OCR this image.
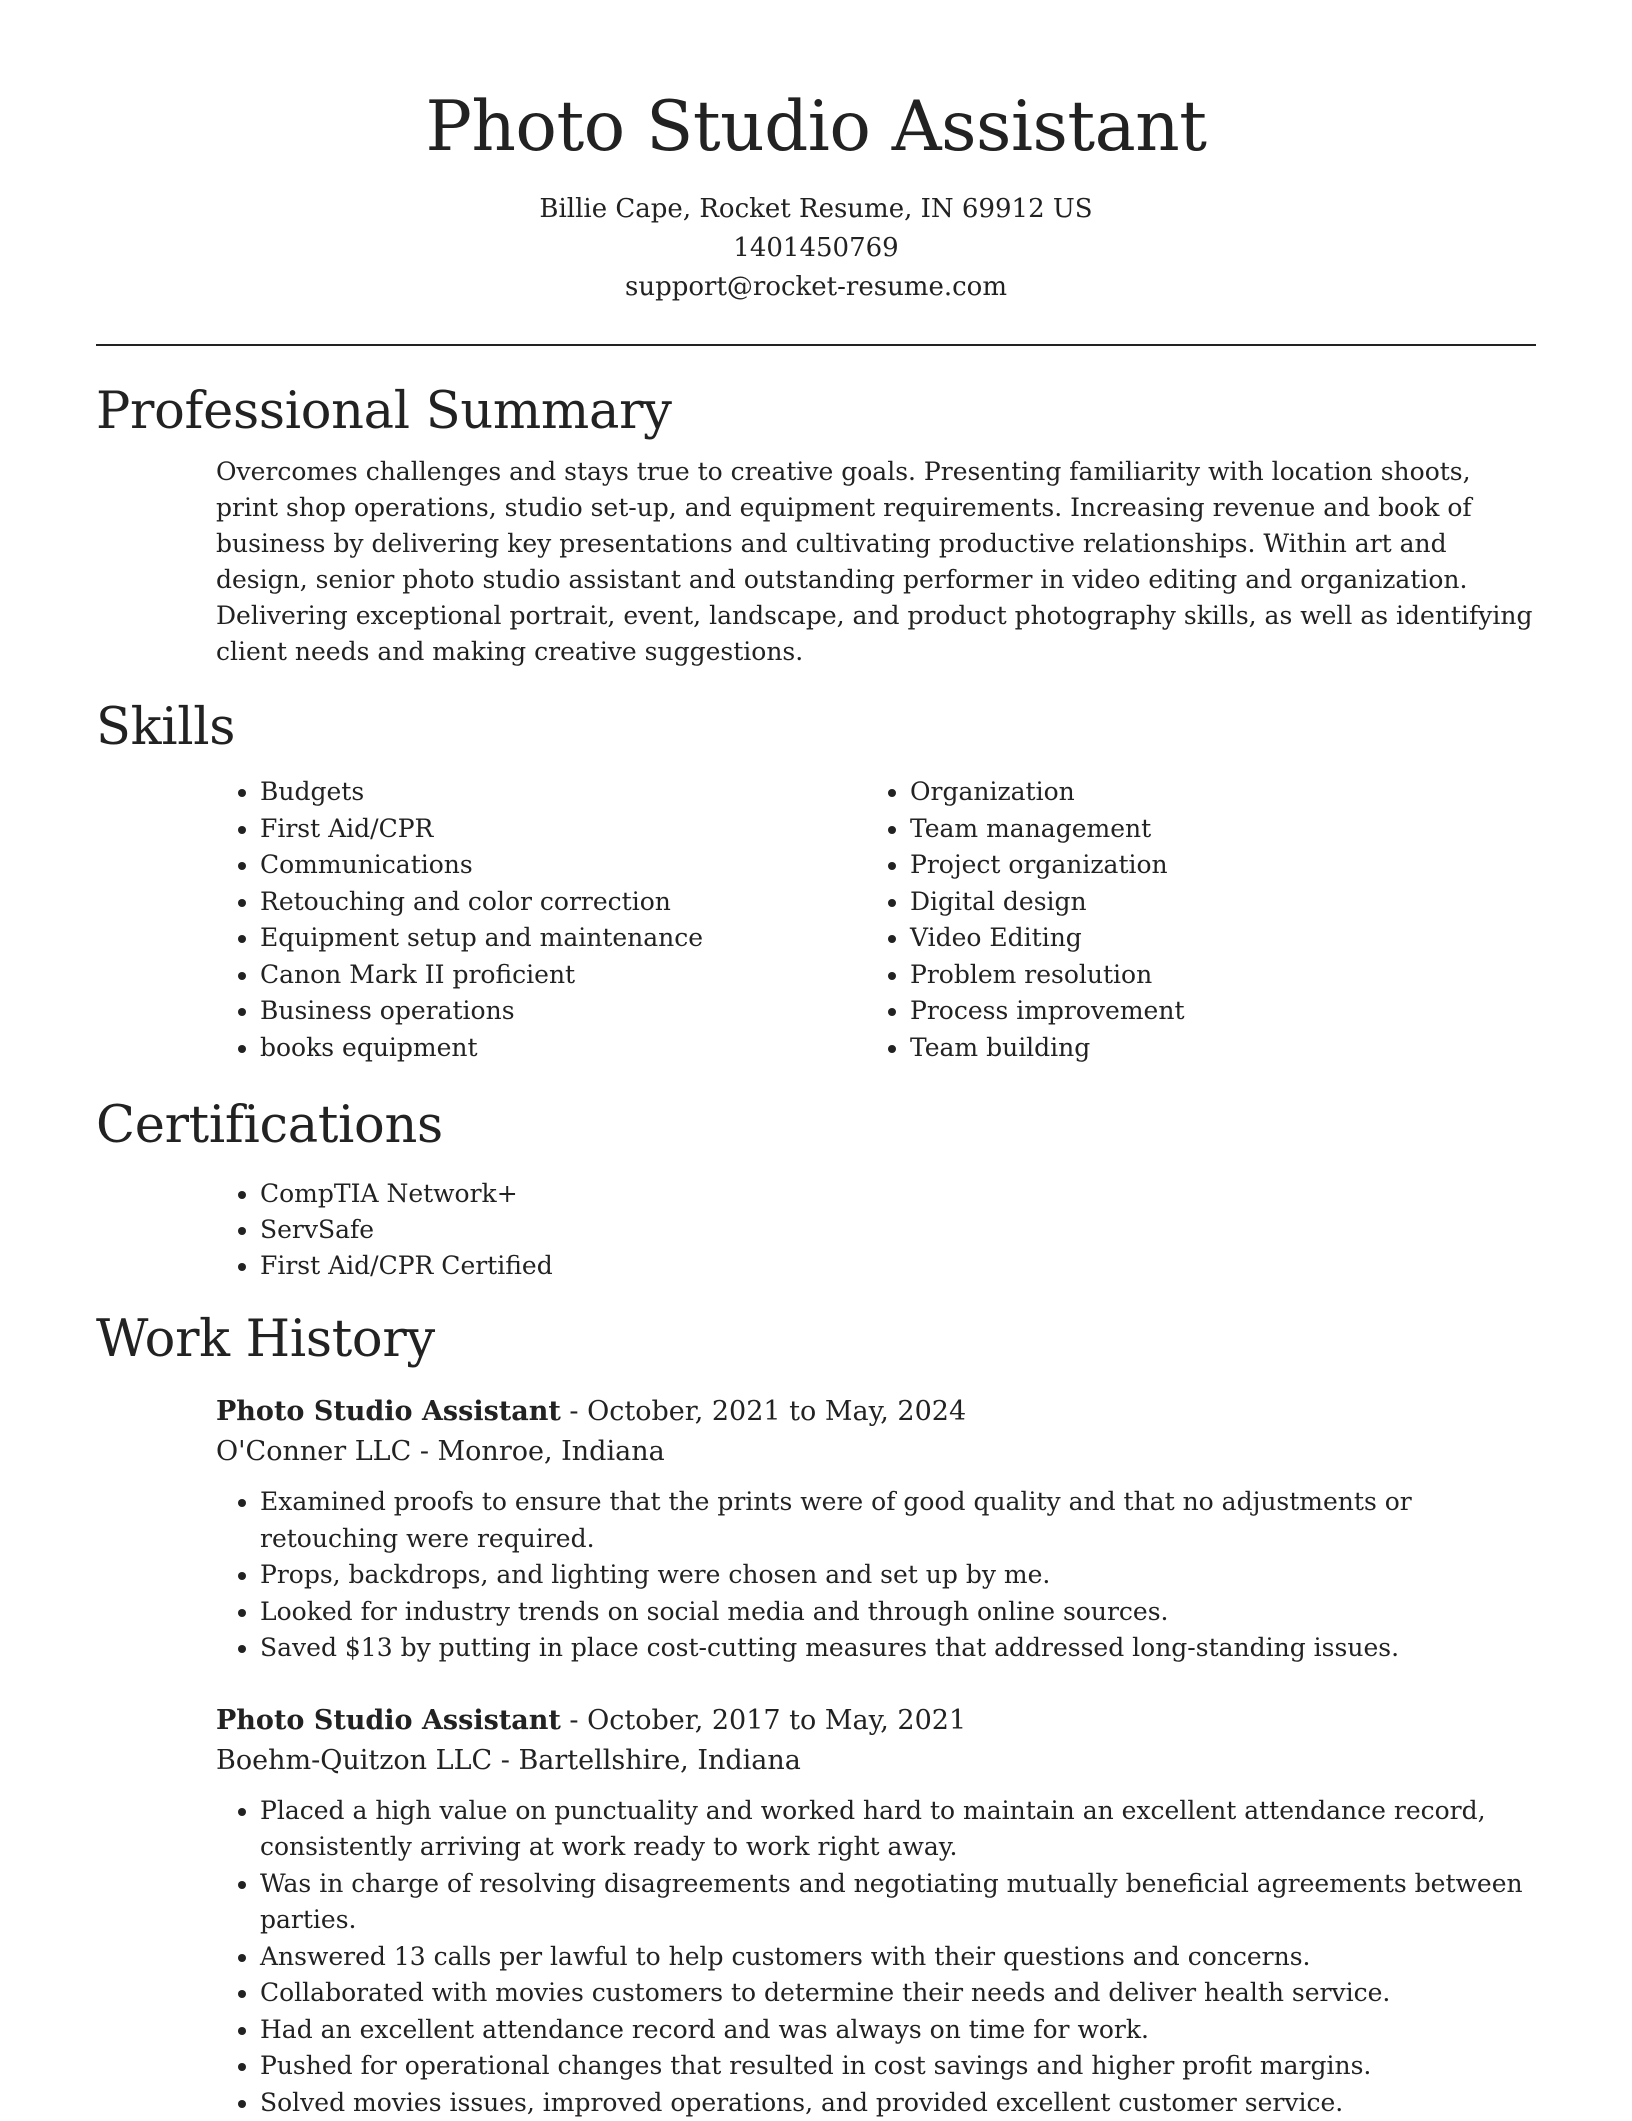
Photo Studio Assistant
Billie Cape, Rocket Resume, IN 69912 US
1401450769
support@rocket-resume.com
Professional Summary

Overcomes challenges and stays true to creative goals. Presenting familiarity with location shoots, print shop operations, studio set-up, and equipment requirements. Increasing revenue and book of business by delivering key presentations and cultivating productive relationships. Within art and design, senior photo studio assistant and outstanding performer in video editing and organization. Delivering exceptional portrait, event, landscape, and product photography skills, as well as identifying client needs and making creative suggestions.

Skills
• Budgets
• First Aid/CPR
• Communications
• Retouching and color correction
• Equipment setup and maintenance
• Canon Mark II proficient
• Business operations
• books equipment
• Organization
• Team management
• Project organization
• Digital design
• Video Editing
• Problem resolution
• Process improvement
• Team building
Certifications
• CompTIA Network+
• ServSafe
• First Aid/CPR Certified
Work History
Photo Studio Assistant - October, 2021 to May, 2024
O'Conner LLC - Monroe, Indiana
• Examined proofs to ensure that the prints were of good quality and that no adjustments or retouching were required.
• Props, backdrops, and lighting were chosen and set up by me.
• Looked for industry trends on social media and through online sources.
• Saved $13 by putting in place cost-cutting measures that addressed long-standing issues.
Photo Studio Assistant - October, 2017 to May, 2021
Boehm-Quitzon LLC - Bartellshire, Indiana
• Placed a high value on punctuality and worked hard to maintain an excellent attendance record, consistently arriving at work ready to work right away.
• Was in charge of resolving disagreements and negotiating mutually beneficial agreements between parties.
• Answered 13 calls per lawful to help customers with their questions and concerns.
• Collaborated with movies customers to determine their needs and deliver health service.
• Had an excellent attendance record and was always on time for work.
• Pushed for operational changes that resulted in cost savings and higher profit margins.
• Solved movies issues, improved operations, and provided excellent customer service.
